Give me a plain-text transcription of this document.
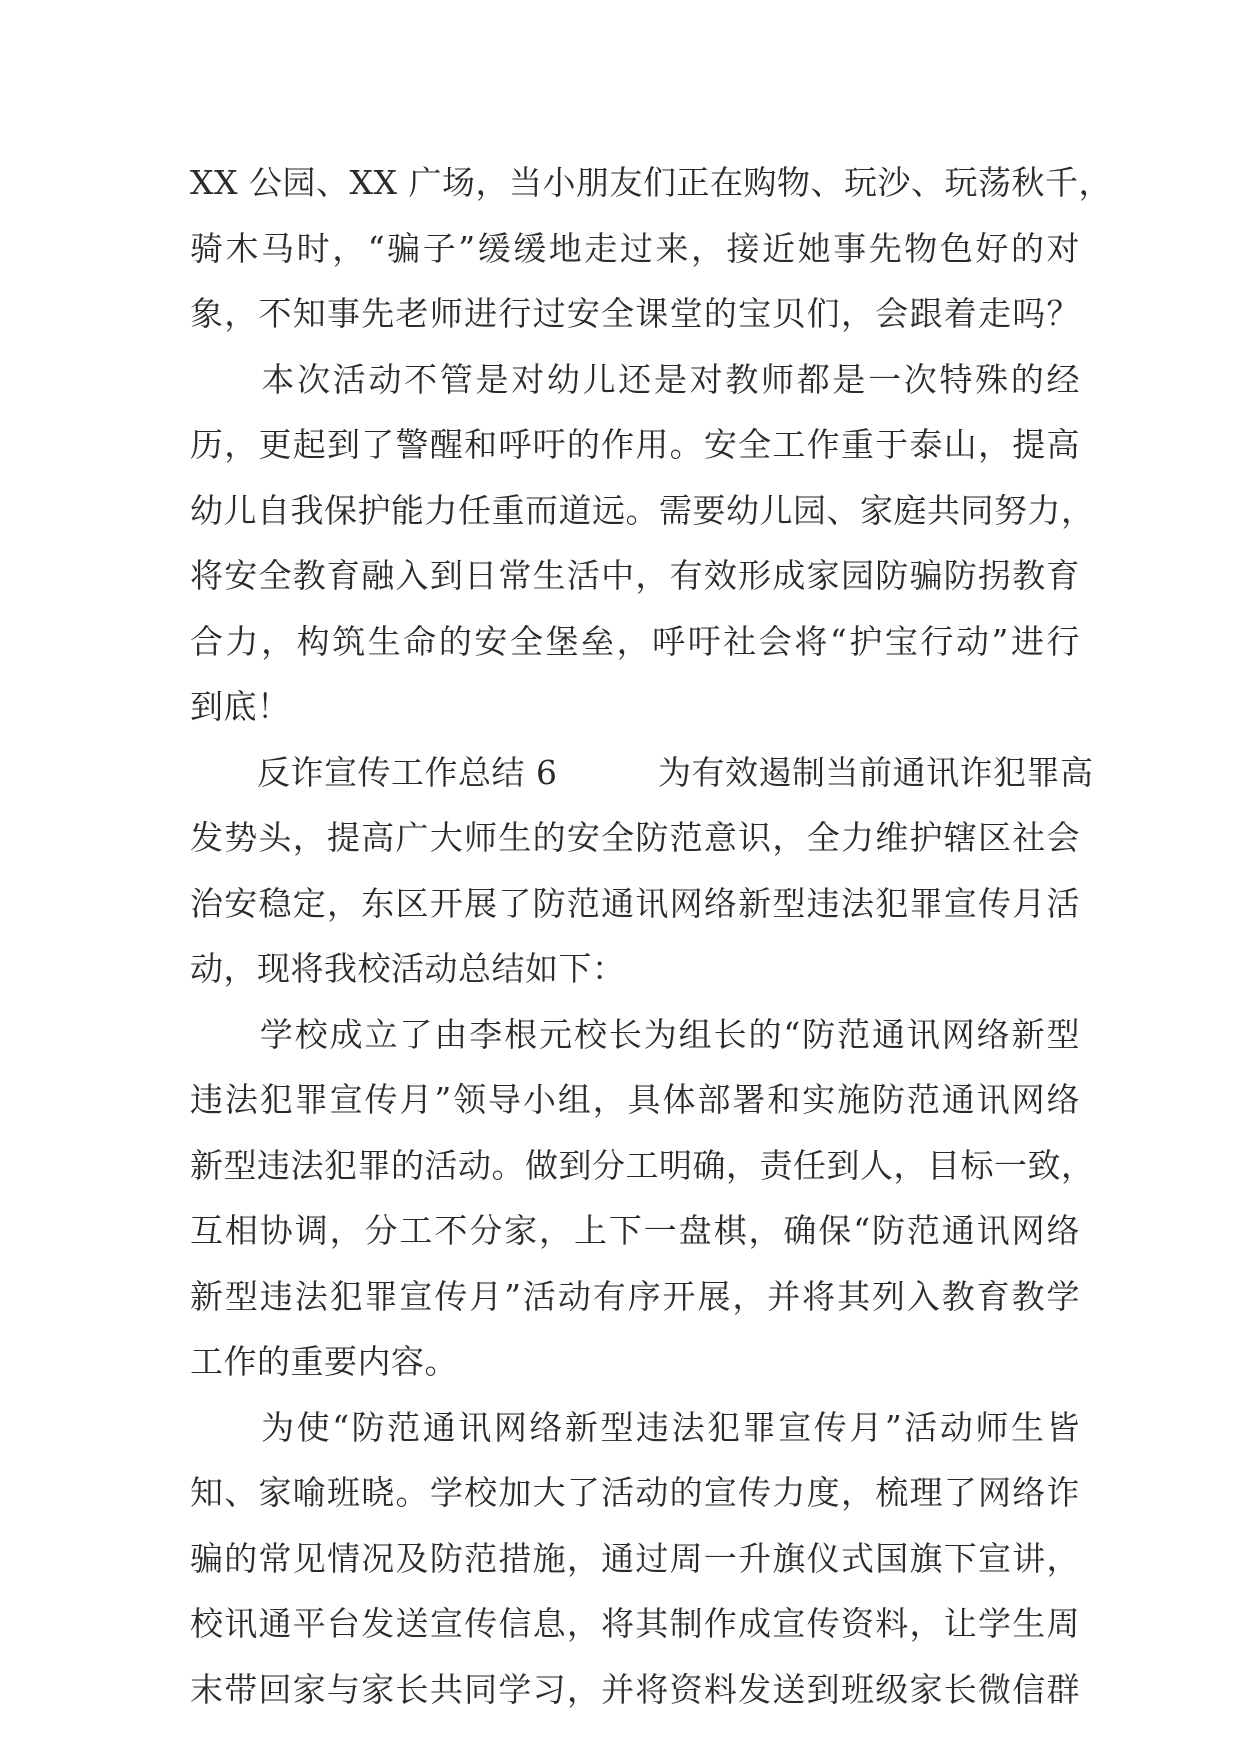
XX 公园、XX 广场，当小朋友们正在购物、玩沙、玩荡秋千，
骑木马时，“骗子”缓缓地走过来，接近她事先物色好的对
象，不知事先老师进行过安全课堂的宝贝们，会跟着走吗？
　　本次活动不管是对幼儿还是对教师都是一次特殊的经
历，更起到了警醒和呼吁的作用。安全工作重于泰山，提高
幼儿自我保护能力任重而道远。需要幼儿园、家庭共同努力，
将安全教育融入到日常生活中，有效形成家园防骗防拐教育
合力，构筑生命的安全堡垒，呼吁社会将“护宝行动”进行
到底！
　　反诈宣传工作总结 6　　　为有效遏制当前通讯诈犯罪高
发势头，提高广大师生的安全防范意识，全力维护辖区社会
治安稳定，东区开展了防范通讯网络新型违法犯罪宣传月活
动，现将我校活动总结如下：
　　学校成立了由李根元校长为组长的“防范通讯网络新型
违法犯罪宣传月”领导小组，具体部署和实施防范通讯网络
新型违法犯罪的活动。做到分工明确，责任到人，目标一致，
互相协调，分工不分家，上下一盘棋，确保“防范通讯网络
新型违法犯罪宣传月”活动有序开展，并将其列入教育教学
工作的重要内容。
　　为使“防范通讯网络新型违法犯罪宣传月”活动师生皆
知、家喻班晓。学校加大了活动的宣传力度，梳理了网络诈
骗的常见情况及防范措施，通过周一升旗仪式国旗下宣讲，
校讯通平台发送宣传信息，将其制作成宣传资料，让学生周
末带回家与家长共同学习，并将资料发送到班级家长微信群
